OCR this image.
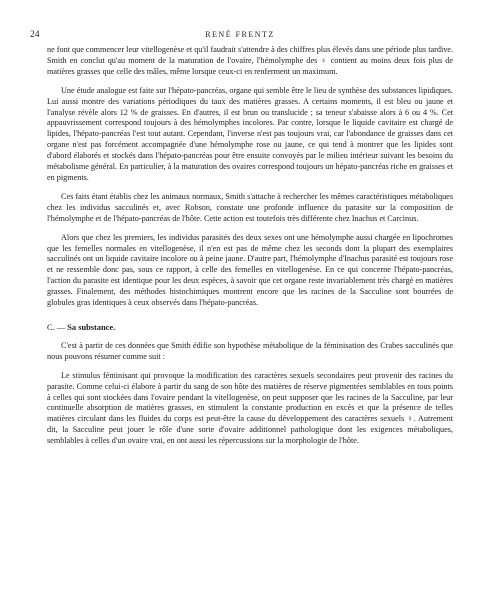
24	RENÉ FRENTZ

ne font que commencer leur vitellogenèse et qu'il faudrait s'attendre à des chiffres plus élevés dans une période plus tardive. Smith en conclut qu'au moment de la maturation de l'ovaire, l'hémolymphe des ♀ contient au moins deux fois plus de matières grasses que celle des mâles, même lorsque ceux-ci en renferment un maximum.

Une étude analogue est faite sur l'hépato-pancréas, organe qui semble être le lieu de synthèse des substances lipidiques. Lui aussi montre des variations périodiques du taux des matières grasses. A certains moments, il est bleu ou jaune et l'analyse révèle alors 12 % de graisses. En d'autres, il est brun ou translucide ; sa teneur s'abaisse alors à 6 ou 4 %. Cet appauvrissement correspond toujours à des hémolymphes incolores. Par contre, lorsque le liquide cavitaire est chargé de lipides, l'hépato-pancréas l'est tout autant. Cependant, l'inverse n'est pas toujours vrai, car l'abondance de graisses dans cet organe n'est pas forcément accompagnée d'une hémolymphe rose ou jaune, ce qui tend à montrer que les lipides sont d'abord élaborés et stockés dans l'hépato-pancréas pour être ensuite convoyés par le milieu intérieur suivant les besoins du métabolisme général. En particulier, à la maturation des ovaires correspond toujours un hépato-pancréas riche en graisses et en pigments.

Ces faits étant établis chez les animaux normaux, Smith s'attache à rechercher les mêmes caractéristiques métaboliques chez les individus sacculinés et, avec Robson, constate une profonde influence du parasite sur la composition de l'hémolymphe et de l'hépato-pancréas de l'hôte. Cette action est toutefois très différente chez Inachus et Carcinus.

Alors que chez les premiers, les individus parasités des deux sexes ont une hémolymphe aussi chargée en lipochromes que les femelles normales en vitellogenèse, il n'en est pas de même chez les seconds dont la plupart des exemplaires sacculinés ont un liquide cavitaire incolore ou à peine jaune. D'autre part, l'hémolymphe d'Inachus parasité est toujours rose et ne ressemble donc pas, sous ce rapport, à celle des femelles en vitellogenèse. En ce qui concerne l'hépato-pancréas, l'action du parasite est identique pour les deux espèces, à savoir que cet organe reste invariablement très chargé en matières grasses. Finalement, des méthodes histochimiques montrent encore que les racines de la Sacculine sont bourrées de globules gras identiques à ceux observés dans l'hépato-pancréas.

C. — Sa substance.

C'est à partir de ces données que Smith édifie son hypothèse métabolique de la féminisation des Crabes sacculinés que nous pouvons résumer comme suit :

Le stimulus féminisant qui provoque la modification des caractères sexuels secondaires peut provenir des racines du parasite. Comme celui-ci élabore à partir du sang de son hôte des matières de réserve pigmentées semblables en tous points à celles qui sont stockées dans l'ovaire pendant la vitellogenèse, on peut supposer que les racines de la Sacculine, par leur continuelle absorption de matières grasses, en stimulent la constante production en excès et que la présence de telles matières circulant dans les fluides du corps est peut-être la cause du développement des caractères sexuels ♀. Autrement dit, la Sacculine peut jouer le rôle d'une sorte d'ovaire additionnel pathologique dont les exigences métaboliques, semblables à celles d'un ovaire vrai, en ont aussi les répercussions sur la morphologie de l'hôte.
